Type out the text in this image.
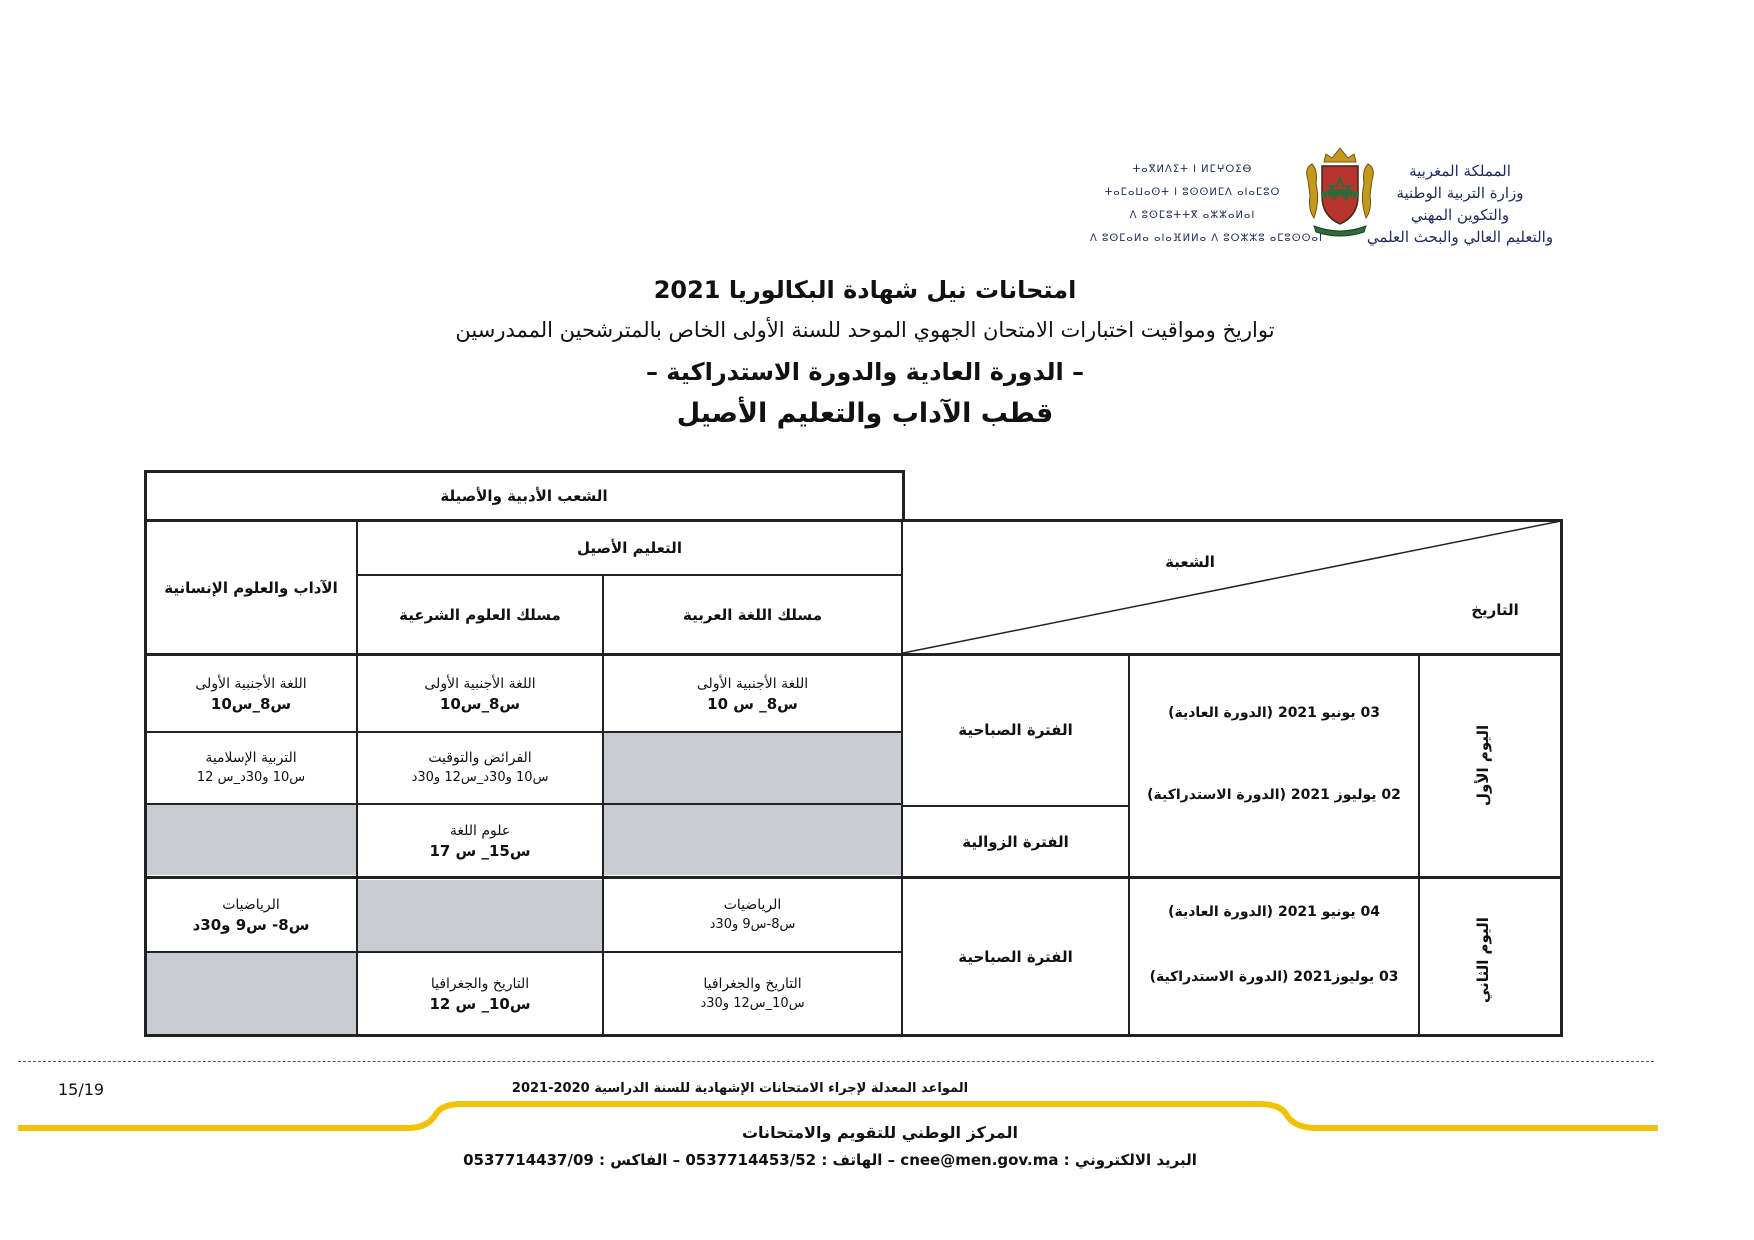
المملكة المغربية
وزارة التربية الوطنية
والتكوين المهني
والتعليم العالي والبحث العلمي
ⵜⴰⴳⵍⴷⵉⵜ ⵏ ⵍⵎⵖⵔⵉⴱ
ⵜⴰⵎⴰⵡⴰⵙⵜ ⵏ ⵓⵙⵙⵍⵎⴷ ⴰⵏⴰⵎⵓⵔ
ⴷ ⵓⵙⵎⵓⵜⵜⴳ ⴰⵣⵣⴰⵍⴰⵏ
ⴷ ⵓⵙⵎⴰⵍⴰ ⴰⵏⴰⴼⵍⵍⴰ ⴷ ⵓⵔⵣⵣⵓ ⴰⵎⵓⵙⵙⴰⵏ
امتحانات نيل شهادة البكالوريا 2021
تواريخ ومواقيت اختبارات الامتحان الجهوي الموحد للسنة الأولى الخاص بالمترشحين الممدرسين
– الدورة العادية والدورة الاستدراكية –
قطب الآداب والتعليم الأصيل
الشعبة
التاريخ
الشعب الأدبية والأصيلة
التعليم الأصيل
الآداب والعلوم الإنسانية
مسلك العلوم الشرعية	مسلك اللغة العربية
اليوم الأول
03 يونيو 2021 (الدورة العادية)
02 يوليوز 2021 (الدورة الاستدراكية)
الفترة الصباحية
الفترة الزوالية
اللغة الأجنبية الأولى
س8_س10
اللغة الأجنبية الأولى
س8_س10
اللغة الأجنبية الأولى
س8_ س 10
التربية الإسلامية
س10 و30د_س 12
الفرائض والتوقيت
س10 و30د_س12 و30د
علوم اللغة
س15_ س 17
اليوم الثاني
04 يونيو 2021 (الدورة العادية)
03 يوليوز2021 (الدورة الاستدراكية)
الفترة الصباحية
الرياضيات
س8- س9 و30د
الرياضيات
س8-س9 و30د
التاريخ والجغرافيا
س10_ س 12
التاريخ والجغرافيا
س10_س12 و30د
15/19	المواعد المعدلة لإجراء الامتحانات الإشهادية للسنة الدراسية 2020-2021
المركز الوطني للتقويم والامتحانات
البريد الالكتروني : cnee@men.gov.ma – الهاتف : 0537714453/52 – الفاكس : 0537714437/09
